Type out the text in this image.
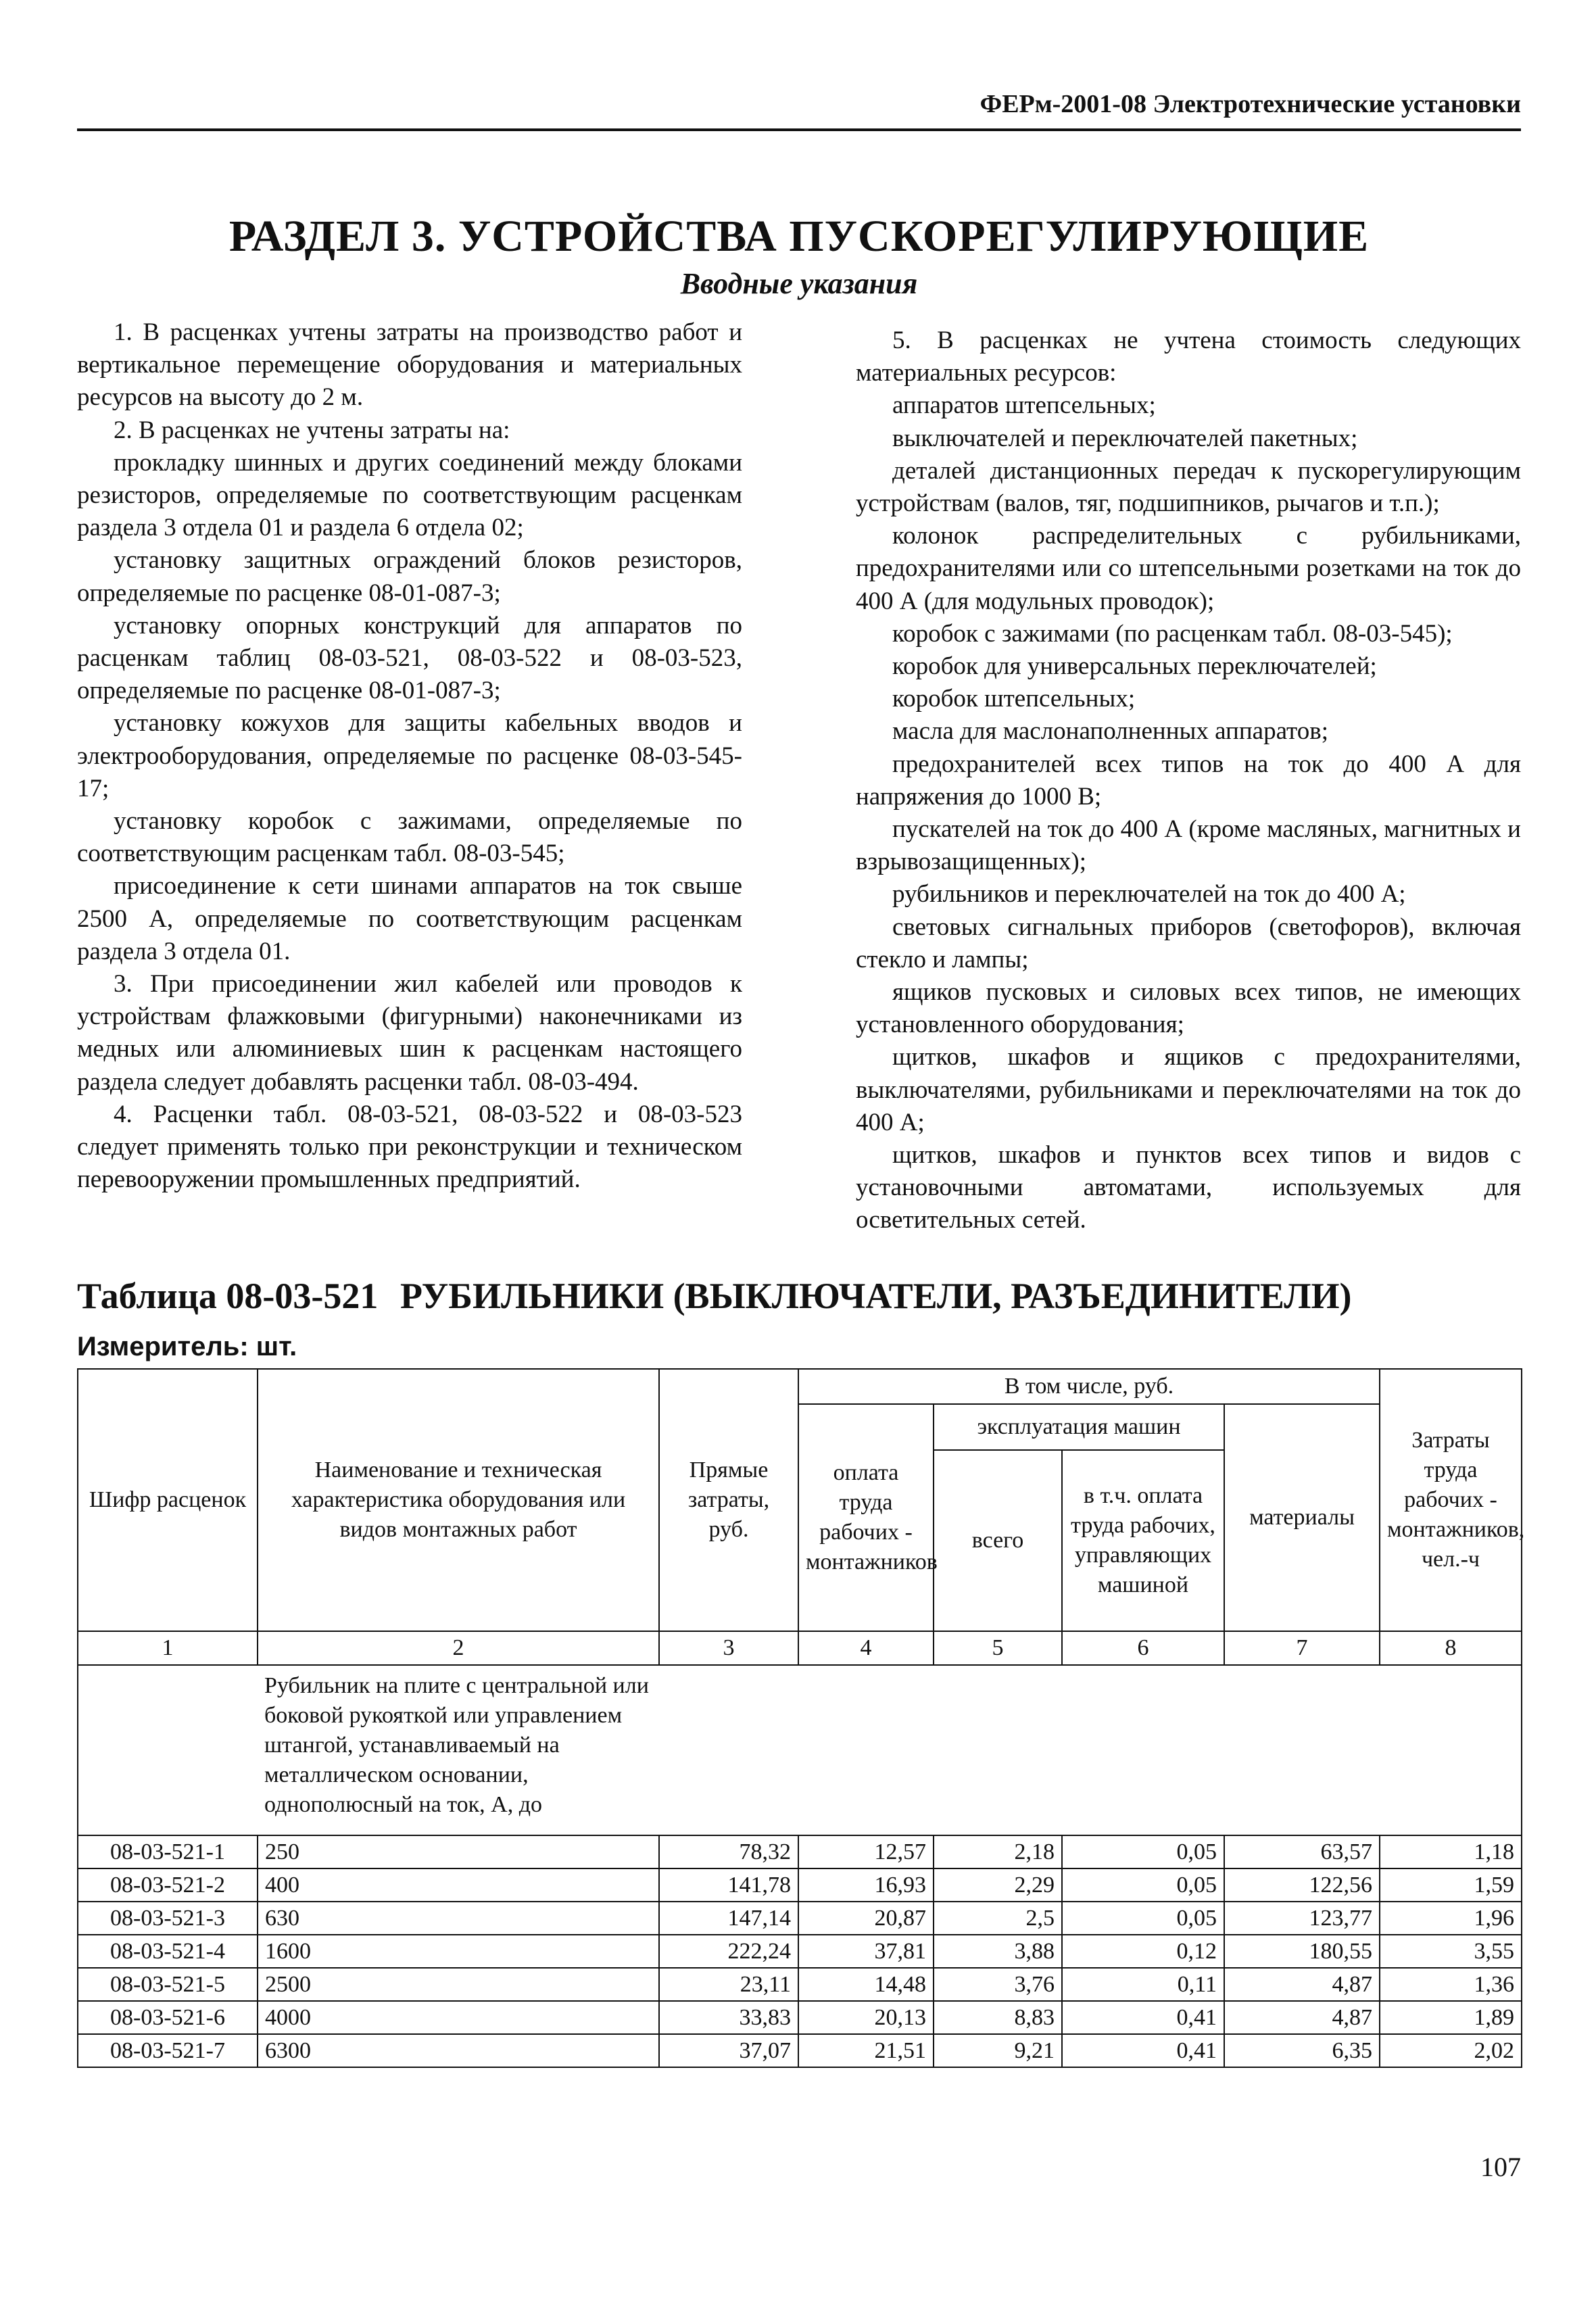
ФЕРм-2001-08 Электротехнические установки
РАЗДЕЛ 3. УСТРОЙСТВА ПУСКОРЕГУЛИРУЮЩИЕ
Вводные указания

1. В расценках учтены затраты на производство работ и вертикальное перемещение оборудования и материальных ресурсов на высоту до 2 м.

2. В расценках не учтены затраты на:

прокладку шинных и других соединений между блоками резисторов, определяемые по соответствующим расценкам раздела 3 отдела 01 и раздела 6 отдела 02;

установку защитных ограждений блоков резисторов, определяемые по расценке 08-01-087-3;

установку опорных конструкций для аппаратов по расценкам таблиц 08-03-521, 08-03-522 и 08-03-523, определяемые по расценке 08-01-087-3;

установку кожухов для защиты кабельных вводов и электрооборудования, определяемые по расценке 08-03-545-17;

установку коробок с зажимами, определяемые по соответствующим расценкам табл. 08-03-545;

присоединение к сети шинами аппаратов на ток свыше 2500 А, определяемые по соответствующим расценкам раздела 3 отдела 01.

3. При присоединении жил кабелей или проводов к устройствам флажковыми (фигурными) наконечниками из медных или алюминиевых шин к расценкам настоящего раздела следует добавлять расценки табл. 08-03-494.

4. Расценки табл. 08-03-521, 08-03-522 и 08-03-523 следует применять только при реконструкции и техническом перевооружении промышленных предприятий.

5. В расценках не учтена стоимость следующих материальных ресурсов:

аппаратов штепсельных;

выключателей и переключателей пакетных;

деталей дистанционных передач к пускорегулирующим устройствам (валов, тяг, подшипников, рычагов и т.п.);

колонок распределительных с рубильниками, предохранителями или со штепсельными розетками на ток до 400 А (для модульных проводок);

коробок с зажимами (по расценкам табл. 08-03-545);

коробок для универсальных переключателей;

коробок штепсельных;

масла для маслонаполненных аппаратов;

предохранителей всех типов на ток до 400 А для напряжения до 1000 В;

пускателей на ток до 400 А (кроме масляных, магнитных и взрывозащищенных);

рубильников и переключателей на ток до 400 А;

световых сигнальных приборов (светофоров), включая стекло и лампы;

ящиков пусковых и силовых всех типов, не имеющих установленного оборудования;

щитков, шкафов и ящиков с предохранителями, выключателями, рубильниками и переключателями на ток до 400 А;

щитков, шкафов и пунктов всех типов и видов с установочными автоматами, используемых для осветительных сетей.

Таблица 08-03-521 РУБИЛЬНИКИ (ВЫКЛЮЧАТЕЛИ, РАЗЪЕДИНИТЕЛИ)
Измеритель: шт.
Шифр расценок	Наименование и техническая характеристика оборудования или видов монтажных работ	Прямые затраты, руб.	В том числе, руб.				Затраты труда рабочих - монтажников, чел.-ч
			оплата труда рабочих - монтажников	эксплуатация машин		материалы	
				всего	в т.ч. оплата труда рабочих, управляющих машиной		
1	2	3	4	5	6	7	8

	Рубильник на плите с центральной или боковой рукояткой или управлением штангой, устанавливаемый на металлическом основании, однополюсный на ток, А, до						

08-03-521-1	250	78,32	12,57	2,18	0,05	63,57	1,18
08-03-521-2	400	141,78	16,93	2,29	0,05	122,56	1,59
08-03-521-3	630	147,14	20,87	2,5	0,05	123,77	1,96
08-03-521-4	1600	222,24	37,81	3,88	0,12	180,55	3,55
08-03-521-5	2500	23,11	14,48	3,76	0,11	4,87	1,36
08-03-521-6	4000	33,83	20,13	8,83	0,41	4,87	1,89
08-03-521-7	6300	37,07	21,51	9,21	0,41	6,35	2,02
107
